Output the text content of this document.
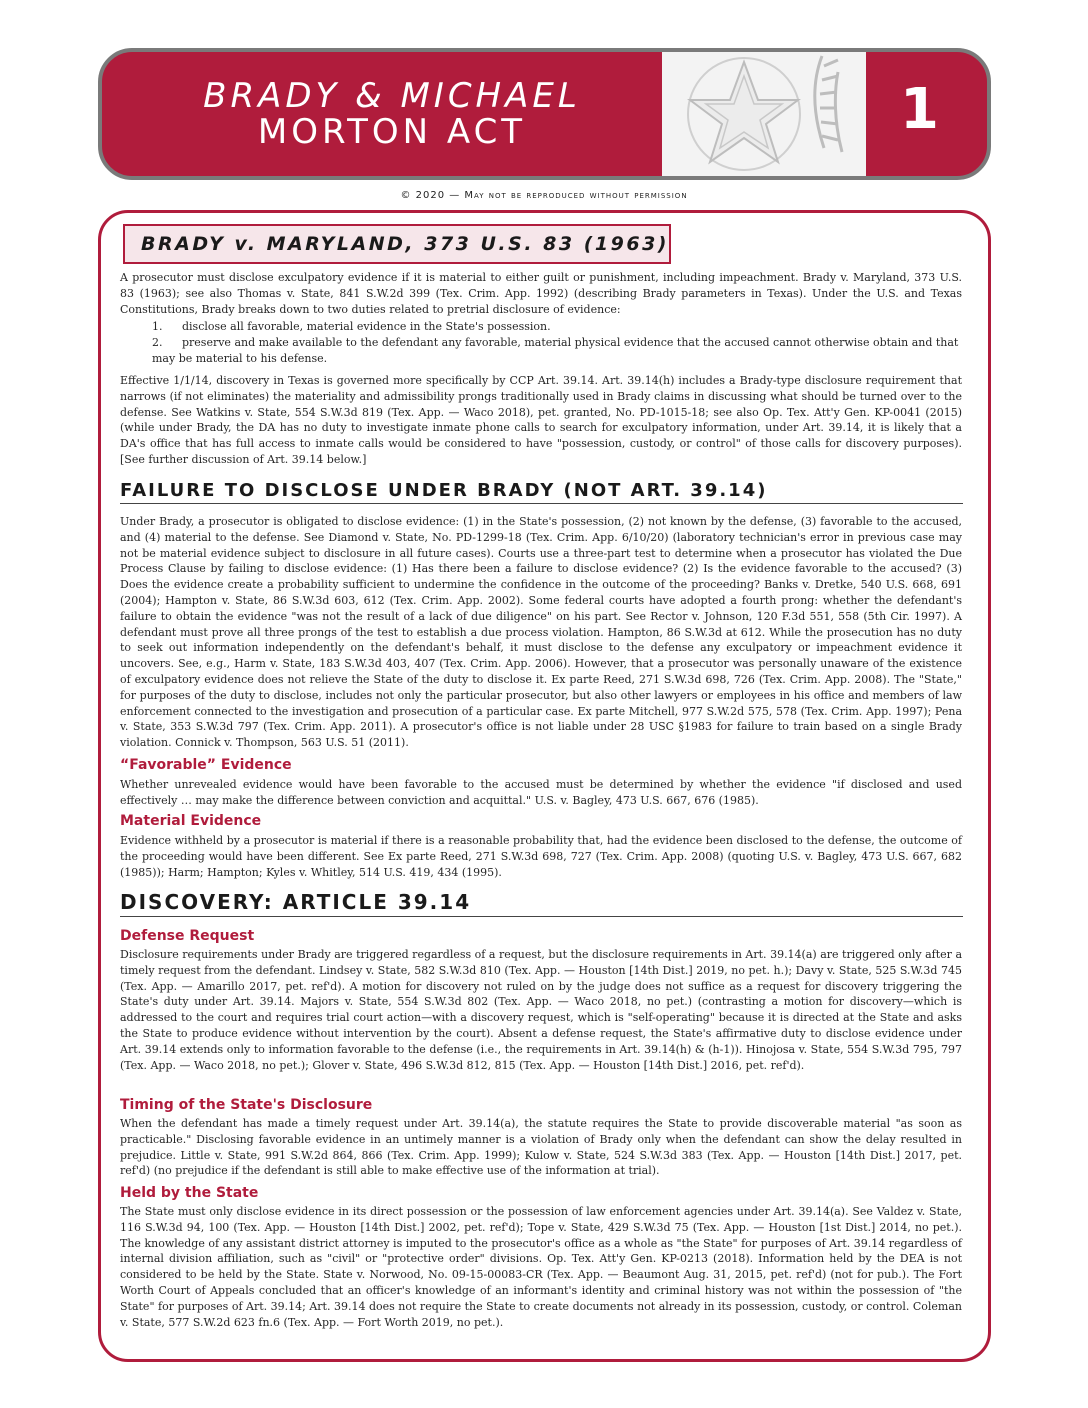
BRADY & MICHAEL
MORTON ACT	1
© 2020 — May not be reproduced without permission
BRADY v. MARYLAND, 373 U.S. 83 (1963)
A prosecutor must disclose exculpatory evidence if it is material to either guilt or punishment, including impeachment. Brady v. Maryland, 373 U.S. 83 (1963); see also Thomas v. State, 841 S.W.2d 399 (Tex. Crim. App. 1992) (describing Brady parameters in Texas). Under the U.S. and Texas Constitutions, Brady breaks down to two duties related to pretrial disclosure of evidence:
1. disclose all favorable, material evidence in the State's possession.
2. preserve and make available to the defendant any favorable, material physical evidence that the accused cannot otherwise obtain and that may be material to his defense.
Effective 1/1/14, discovery in Texas is governed more specifically by CCP Art. 39.14. Art. 39.14(h) includes a Brady-type disclosure requirement that narrows (if not eliminates) the materiality and admissibility prongs traditionally used in Brady claims in discussing what should be turned over to the defense. See Watkins v. State, 554 S.W.3d 819 (Tex. App. — Waco 2018), pet. granted, No. PD-1015-18; see also Op. Tex. Att'y Gen. KP-0041 (2015) (while under Brady, the DA has no duty to investigate inmate phone calls to search for exculpatory information, under Art. 39.14, it is likely that a DA's office that has full access to inmate calls would be considered to have "possession, custody, or control" of those calls for discovery purposes). [See further discussion of Art. 39.14 below.]
FAILURE TO DISCLOSE UNDER BRADY (NOT ART. 39.14)
Under Brady, a prosecutor is obligated to disclose evidence: (1) in the State's possession, (2) not known by the defense, (3) favorable to the accused, and (4) material to the defense. See Diamond v. State, No. PD-1299-18 (Tex. Crim. App. 6/10/20) (laboratory technician's error in previous case may not be material evidence subject to disclosure in all future cases). Courts use a three-part test to determine when a prosecutor has violated the Due Process Clause by failing to disclose evidence: (1) Has there been a failure to disclose evidence? (2) Is the evidence favorable to the accused? (3) Does the evidence create a probability sufficient to undermine the confidence in the outcome of the proceeding? Banks v. Dretke, 540 U.S. 668, 691 (2004); Hampton v. State, 86 S.W.3d 603, 612 (Tex. Crim. App. 2002). Some federal courts have adopted a fourth prong: whether the defendant's failure to obtain the evidence "was not the result of a lack of due diligence" on his part. See Rector v. Johnson, 120 F.3d 551, 558 (5th Cir. 1997). A defendant must prove all three prongs of the test to establish a due process violation. Hampton, 86 S.W.3d at 612. While the prosecution has no duty to seek out information independently on the defendant's behalf, it must disclose to the defense any exculpatory or impeachment evidence it uncovers. See, e.g., Harm v. State, 183 S.W.3d 403, 407 (Tex. Crim. App. 2006). However, that a prosecutor was personally unaware of the existence of exculpatory evidence does not relieve the State of the duty to disclose it. Ex parte Reed, 271 S.W.3d 698, 726 (Tex. Crim. App. 2008). The "State," for purposes of the duty to disclose, includes not only the particular prosecutor, but also other lawyers or employees in his office and members of law enforcement connected to the investigation and prosecution of a particular case. Ex parte Mitchell, 977 S.W.2d 575, 578 (Tex. Crim. App. 1997); Pena v. State, 353 S.W.3d 797 (Tex. Crim. App. 2011). A prosecutor's office is not liable under 28 USC §1983 for failure to train based on a single Brady violation. Connick v. Thompson, 563 U.S. 51 (2011).
“Favorable” Evidence
Whether unrevealed evidence would have been favorable to the accused must be determined by whether the evidence "if disclosed and used effectively … may make the difference between conviction and acquittal." U.S. v. Bagley, 473 U.S. 667, 676 (1985).
Material Evidence
Evidence withheld by a prosecutor is material if there is a reasonable probability that, had the evidence been disclosed to the defense, the outcome of the proceeding would have been different. See Ex parte Reed, 271 S.W.3d 698, 727 (Tex. Crim. App. 2008) (quoting U.S. v. Bagley, 473 U.S. 667, 682 (1985)); Harm; Hampton; Kyles v. Whitley, 514 U.S. 419, 434 (1995).
DISCOVERY: ARTICLE 39.14
Defense Request
Disclosure requirements under Brady are triggered regardless of a request, but the disclosure requirements in Art. 39.14(a) are triggered only after a timely request from the defendant. Lindsey v. State, 582 S.W.3d 810 (Tex. App. — Houston [14th Dist.] 2019, no pet. h.); Davy v. State, 525 S.W.3d 745 (Tex. App. — Amarillo 2017, pet. ref'd). A motion for discovery not ruled on by the judge does not suffice as a request for discovery triggering the State's duty under Art. 39.14. Majors v. State, 554 S.W.3d 802 (Tex. App. — Waco 2018, no pet.) (contrasting a motion for discovery—which is addressed to the court and requires trial court action—with a discovery request, which is "self-operating" because it is directed at the State and asks the State to produce evidence without intervention by the court). Absent a defense request, the State's affirmative duty to disclose evidence under Art. 39.14 extends only to information favorable to the defense (i.e., the requirements in Art. 39.14(h) & (h-1)). Hinojosa v. State, 554 S.W.3d 795, 797 (Tex. App. — Waco 2018, no pet.); Glover v. State, 496 S.W.3d 812, 815 (Tex. App. — Houston [14th Dist.] 2016, pet. ref'd).
Timing of the State's Disclosure
When the defendant has made a timely request under Art. 39.14(a), the statute requires the State to provide discoverable material "as soon as practicable." Disclosing favorable evidence in an untimely manner is a violation of Brady only when the defendant can show the delay resulted in prejudice. Little v. State, 991 S.W.2d 864, 866 (Tex. Crim. App. 1999); Kulow v. State, 524 S.W.3d 383 (Tex. App. — Houston [14th Dist.] 2017, pet. ref'd) (no prejudice if the defendant is still able to make effective use of the information at trial).
Held by the State
The State must only disclose evidence in its direct possession or the possession of law enforcement agencies under Art. 39.14(a). See Valdez v. State, 116 S.W.3d 94, 100 (Tex. App. — Houston [14th Dist.] 2002, pet. ref'd); Tope v. State, 429 S.W.3d 75 (Tex. App. — Houston [1st Dist.] 2014, no pet.). The knowledge of any assistant district attorney is imputed to the prosecutor's office as a whole as "the State" for purposes of Art. 39.14 regardless of internal division affiliation, such as "civil" or "protective order" divisions. Op. Tex. Att'y Gen. KP-0213 (2018). Information held by the DEA is not considered to be held by the State. State v. Norwood, No. 09-15-00083-CR (Tex. App. — Beaumont Aug. 31, 2015, pet. ref'd) (not for pub.). The Fort Worth Court of Appeals concluded that an officer's knowledge of an informant's identity and criminal history was not within the possession of "the State" for purposes of Art. 39.14; Art. 39.14 does not require the State to create documents not already in its possession, custody, or control. Coleman v. State, 577 S.W.2d 623 fn.6 (Tex. App. — Fort Worth 2019, no pet.).
